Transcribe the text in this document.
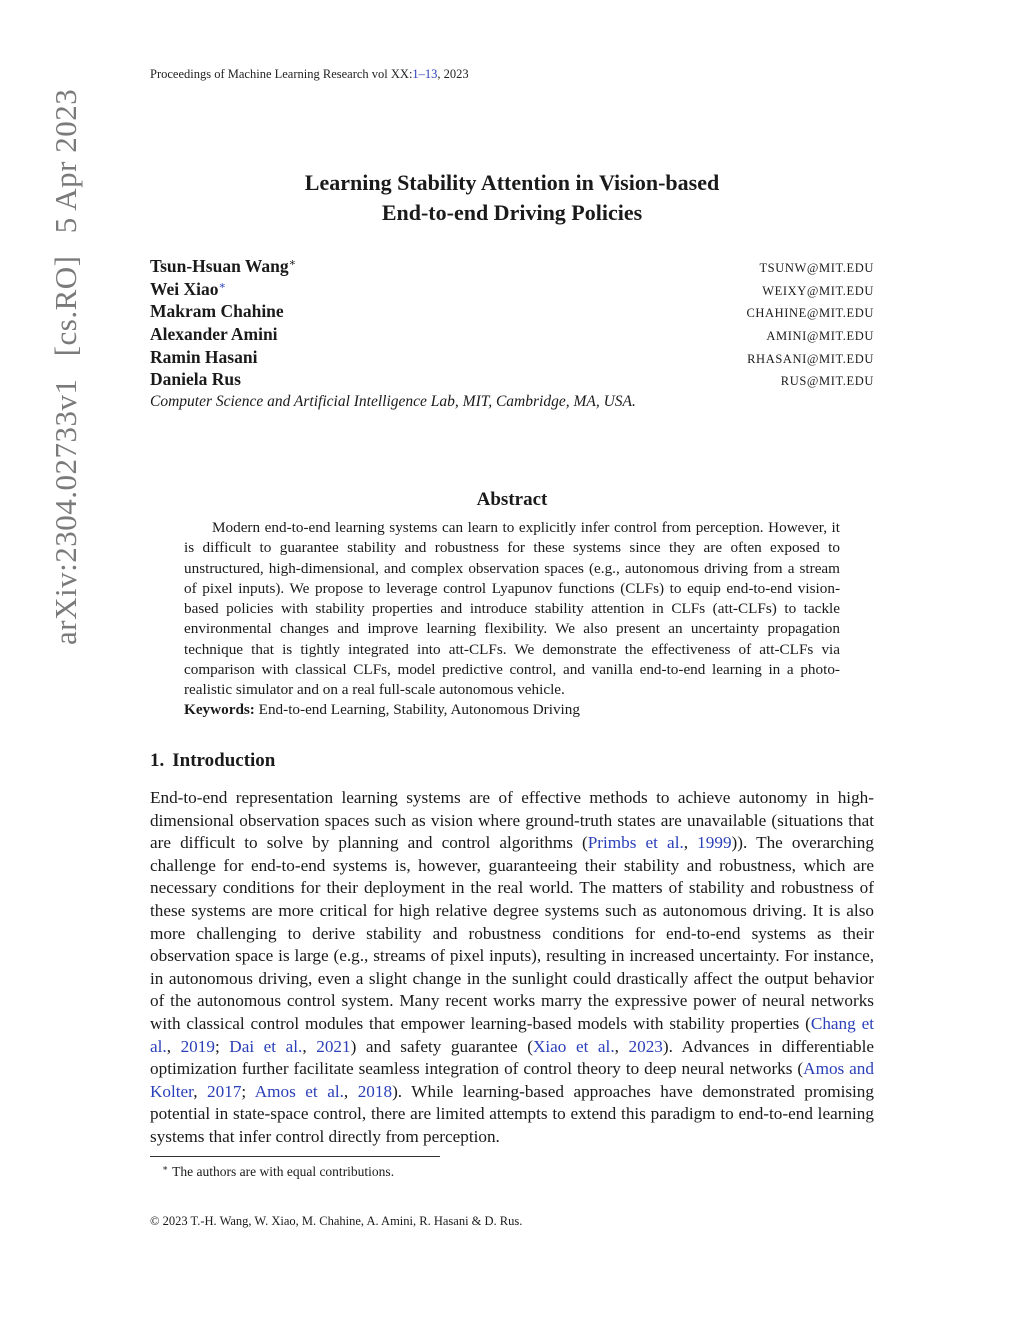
Proceedings of Machine Learning Research vol XX:1–13, 2023
arXiv:2304.02733v1 [cs.RO] 5 Apr 2023	Learning Stability Attention in Vision-based
End-to-end Driving Policies
Tsun-Hsuan Wang∗	TSUNW@MIT.EDU
Wei Xiao∗	WEIXY@MIT.EDU
Makram Chahine	CHAHINE@MIT.EDU
Alexander Amini	AMINI@MIT.EDU
Ramin Hasani	RHASANI@MIT.EDU
Daniela Rus	RUS@MIT.EDU
Computer Science and Artificial Intelligence Lab, MIT, Cambridge, MA, USA.
Abstract
Modern end-to-end learning systems can learn to explicitly infer control from perception. However, it is difficult to guarantee stability and robustness for these systems since they are often exposed to unstructured, high-dimensional, and complex observation spaces (e.g., autonomous driving from a stream of pixel inputs). We propose to leverage control Lyapunov functions (CLFs) to equip end-to-end vision-based policies with stability properties and introduce stability attention in CLFs (att-CLFs) to tackle environmental changes and improve learning flexibility. We also present an uncertainty propagation technique that is tightly integrated into att-CLFs. We demonstrate the effectiveness of att-CLFs via comparison with classical CLFs, model predictive control, and vanilla end-to-end learning in a photo-realistic simulator and on a real full-scale autonomous vehicle.
Keywords: End-to-end Learning, Stability, Autonomous Driving
1. Introduction
End-to-end representation learning systems are of effective methods to achieve autonomy in high-dimensional observation spaces such as vision where ground-truth states are unavailable (situations that are difficult to solve by planning and control algorithms (Primbs et al., 1999)). The overarching challenge for end-to-end systems is, however, guaranteeing their stability and robustness, which are necessary conditions for their deployment in the real world. The matters of stability and robustness of these systems are more critical for high relative degree systems such as autonomous driving. It is also more challenging to derive stability and robustness conditions for end-to-end systems as their observation space is large (e.g., streams of pixel inputs), resulting in increased uncertainty. For instance, in autonomous driving, even a slight change in the sunlight could drastically affect the output behavior of the autonomous control system. Many recent works marry the expressive power of neural networks with classical control modules that empower learning-based models with stability properties (Chang et al., 2019; Dai et al., 2021) and safety guarantee (Xiao et al., 2023). Advances in differentiable optimization further facilitate seamless integration of control theory to deep neural networks (Amos and Kolter, 2017; Amos et al., 2018). While learning-based approaches have demonstrated promising potential in state-space control, there are limited attempts to extend this paradigm to end-to-end learning systems that infer control directly from perception.
∗ The authors are with equal contributions.
© 2023 T.-H. Wang, W. Xiao, M. Chahine, A. Amini, R. Hasani & D. Rus.
